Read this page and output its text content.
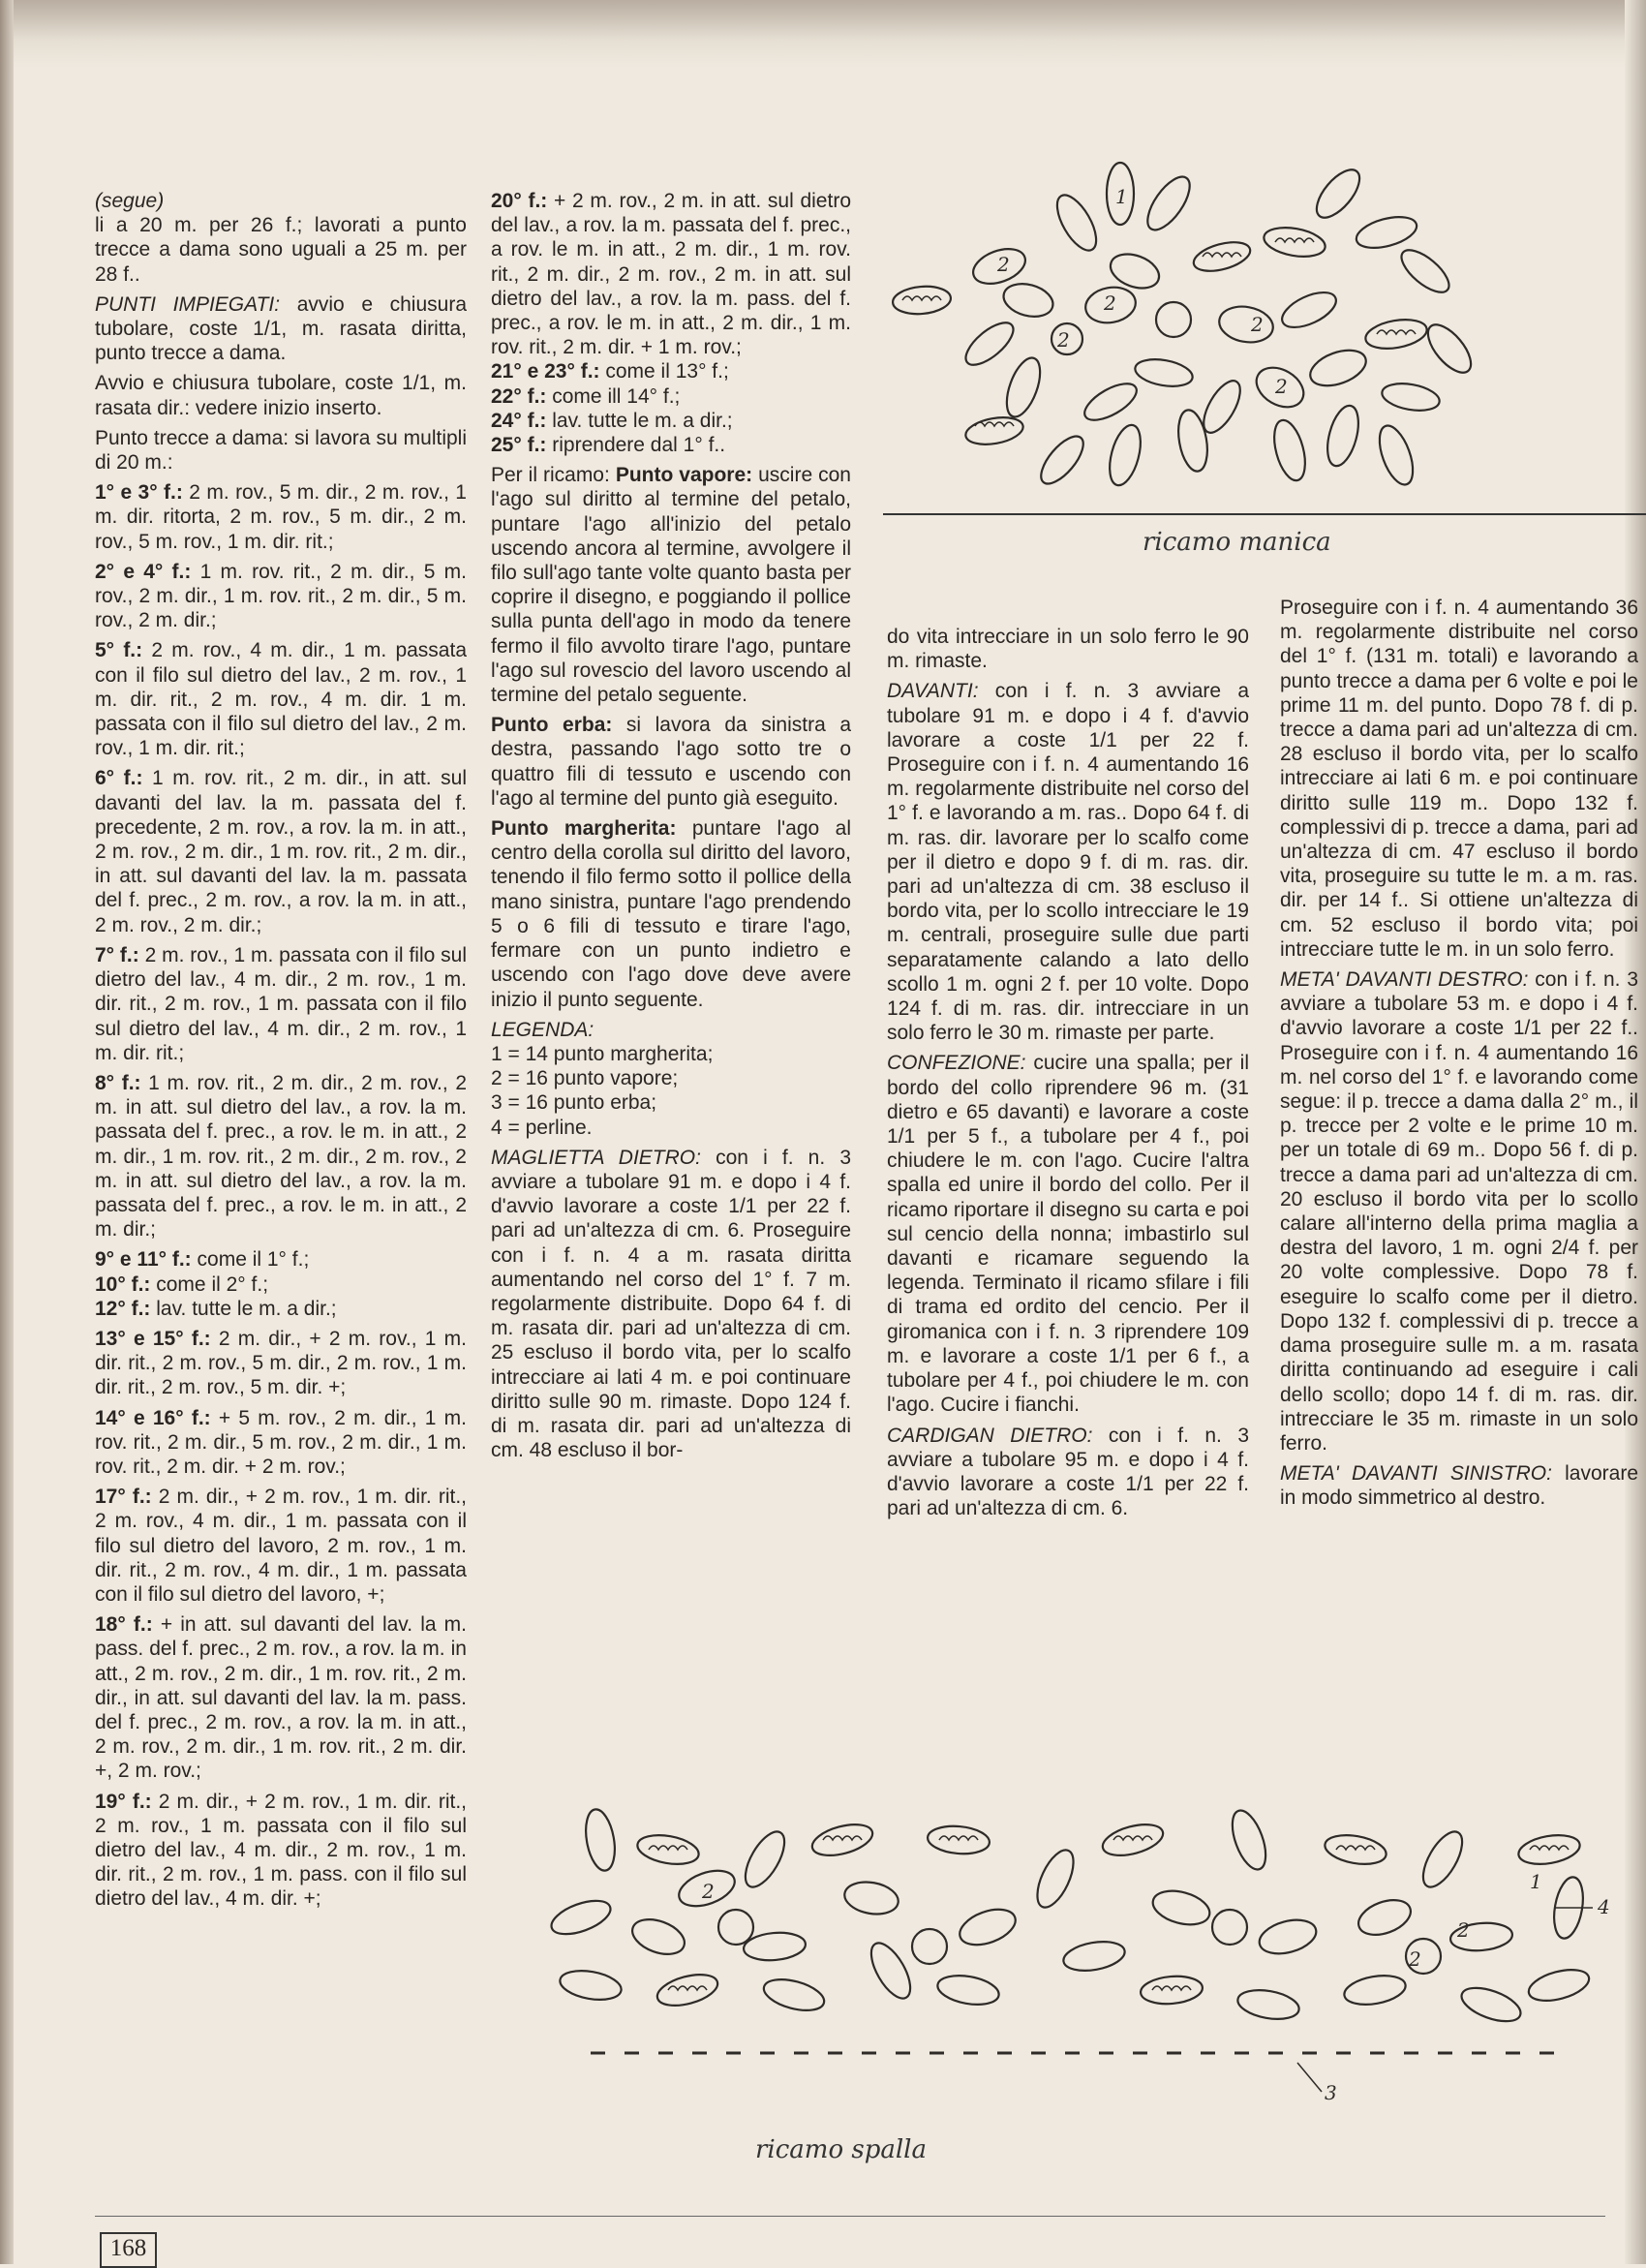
(segue)
li a 20 m. per 26 f.; lavorati a punto trecce a dama sono uguali a 25 m. per 28 f..

PUNTI IMPIEGATI: avvio e chiusura tubolare, coste 1/1, m. rasata diritta, punto trecce a dama.

Avvio e chiusura tubolare, coste 1/1, m. rasata dir.: vedere inizio inserto.

Punto trecce a dama: si lavora su multipli di 20 m.:

1° e 3° f.: 2 m. rov., 5 m. dir., 2 m. rov., 1 m. dir. ritorta, 2 m. rov., 5 m. dir., 2 m. rov., 5 m. rov., 1 m. dir. rit.;

2° e 4° f.: 1 m. rov. rit., 2 m. dir., 5 m. rov., 2 m. dir., 1 m. rov. rit., 2 m. dir., 5 m. rov., 2 m. dir.;

5° f.: 2 m. rov., 4 m. dir., 1 m. passata con il filo sul dietro del lav., 2 m. rov., 1 m. dir. rit., 2 m. rov., 4 m. dir. 1 m. passata con il filo sul dietro del lav., 2 m. rov., 1 m. dir. rit.;

6° f.: 1 m. rov. rit., 2 m. dir., in att. sul davanti del lav. la m. passata del f. precedente, 2 m. rov., a rov. la m. in att., 2 m. rov., 2 m. dir., 1 m. rov. rit., 2 m. dir., in att. sul davanti del lav. la m. passata del f. prec., 2 m. rov., a rov. la m. in att., 2 m. rov., 2 m. dir.;

7° f.: 2 m. rov., 1 m. passata con il filo sul dietro del lav., 4 m. dir., 2 m. rov., 1 m. dir. rit., 2 m. rov., 1 m. passata con il filo sul dietro del lav., 4 m. dir., 2 m. rov., 1 m. dir. rit.;

8° f.: 1 m. rov. rit., 2 m. dir., 2 m. rov., 2 m. in att. sul dietro del lav., a rov. la m. passata del f. prec., a rov. le m. in att., 2 m. dir., 1 m. rov. rit., 2 m. dir., 2 m. rov., 2 m. in att. sul dietro del lav., a rov. la m. passata del f. prec., a rov. le m. in att., 2 m. dir.;

9° e 11° f.: come il 1° f.;
10° f.: come il 2° f.;
12° f.: lav. tutte le m. a dir.;

13° e 15° f.: 2 m. dir., + 2 m. rov., 1 m. dir. rit., 2 m. rov., 5 m. dir., 2 m. rov., 1 m. dir. rit., 2 m. rov., 5 m. dir. +;

14° e 16° f.: + 5 m. rov., 2 m. dir., 1 m. rov. rit., 2 m. dir., 5 m. rov., 2 m. dir., 1 m. rov. rit., 2 m. dir. + 2 m. rov.;

17° f.: 2 m. dir., + 2 m. rov., 1 m. dir. rit., 2 m. rov., 4 m. dir., 1 m. passata con il filo sul dietro del lavoro, 2 m. rov., 1 m. dir. rit., 2 m. rov., 4 m. dir., 1 m. passata con il filo sul dietro del lavoro, +;

18° f.: + in att. sul davanti del lav. la m. pass. del f. prec., 2 m. rov., a rov. la m. in att., 2 m. rov., 2 m. dir., 1 m. rov. rit., 2 m. dir., in att. sul davanti del lav. la m. pass. del f. prec., 2 m. rov., a rov. la m. in att., 2 m. rov., 2 m. dir., 1 m. rov. rit., 2 m. dir. +, 2 m. rov.;

19° f.: 2 m. dir., + 2 m. rov., 1 m. dir. rit., 2 m. rov., 1 m. passata con il filo sul dietro del lav., 4 m. dir., 2 m. rov., 1 m. dir. rit., 2 m. rov., 1 m. pass. con il filo sul dietro del lav., 4 m. dir. +;

20° f.: + 2 m. rov., 2 m. in att. sul dietro del lav., a rov. la m. passata del f. prec., a rov. le m. in att., 2 m. dir., 1 m. rov. rit., 2 m. dir., 2 m. rov., 2 m. in att. sul dietro del lav., a rov. la m. pass. del f. prec., a rov. le m. in att., 2 m. dir., 1 m. rov. rit., 2 m. dir. + 1 m. rov.;
21° e 23° f.: come il 13° f.;
22° f.: come ill 14° f.;
24° f.: lav. tutte le m. a dir.;
25° f.: riprendere dal 1° f..

Per il ricamo: Punto vapore: uscire con l'ago sul diritto al termine del petalo, puntare l'ago all'inizio del petalo uscendo ancora al termine, avvolgere il filo sull'ago tante volte quanto basta per coprire il disegno, e poggiando il pollice sulla punta dell'ago in modo da tenere fermo il filo avvolto tirare l'ago, puntare l'ago sul rovescio del lavoro uscendo al termine del petalo seguente.

Punto erba: si lavora da sinistra a destra, passando l'ago sotto tre o quattro fili di tessuto e uscendo con l'ago al termine del punto già eseguito.

Punto margherita: puntare l'ago al centro della corolla sul diritto del lavoro, tenendo il filo fermo sotto il pollice della mano sinistra, puntare l'ago prendendo 5 o 6 fili di tessuto e tirare l'ago, fermare con un punto indietro e uscendo con l'ago dove deve avere inizio il punto seguente.

LEGENDA:
1 = 14 punto margherita;
2 = 16 punto vapore;
3 = 16 punto erba;
4 = perline.

MAGLIETTA DIETRO: con i f. n. 3 avviare a tubolare 91 m. e dopo i 4 f. d'avvio lavorare a coste 1/1 per 22 f. pari ad un'altezza di cm. 6. Proseguire con i f. n. 4 a m. rasata diritta aumentando nel corso del 1° f. 7 m. regolarmente distribuite. Dopo 64 f. di m. rasata dir. pari ad un'altezza di cm. 25 escluso il bordo vita, per lo scalfo intrecciare ai lati 4 m. e poi continuare diritto sulle 90 m. rimaste. Dopo 124 f. di m. rasata dir. pari ad un'altezza di cm. 48 escluso il bor-

do vita intrecciare in un solo ferro le 90 m. rimaste.

DAVANTI: con i f. n. 3 avviare a tubolare 91 m. e dopo i 4 f. d'avvio lavorare a coste 1/1 per 22 f. Proseguire con i f. n. 4 aumentando 16 m. regolarmente distribuite nel corso del 1° f. e lavorando a m. ras.. Dopo 64 f. di m. ras. dir. lavorare per lo scalfo come per il dietro e dopo 9 f. di m. ras. dir. pari ad un'altezza di cm. 38 escluso il bordo vita, per lo scollo intrecciare le 19 m. centrali, proseguire sulle due parti separatamente calando a lato dello scollo 1 m. ogni 2 f. per 10 volte. Dopo 124 f. di m. ras. dir. intrecciare in un solo ferro le 30 m. rimaste per parte.

CONFEZIONE: cucire una spalla; per il bordo del collo riprendere 96 m. (31 dietro e 65 davanti) e lavorare a coste 1/1 per 5 f., a tubolare per 4 f., poi chiudere le m. con l'ago. Cucire l'altra spalla ed unire il bordo del collo. Per il ricamo riportare il disegno su carta e poi sul cencio della nonna; imbastirlo sul davanti e ricamare seguendo la legenda. Terminato il ricamo sfilare i fili di trama ed ordito del cencio. Per il giromanica con i f. n. 3 riprendere 109 m. e lavorare a coste 1/1 per 6 f., a tubolare per 4 f., poi chiudere le m. con l'ago. Cucire i fianchi.

CARDIGAN DIETRO: con i f. n. 3 avviare a tubolare 95 m. e dopo i 4 f. d'avvio lavorare a coste 1/1 per 22 f. pari ad un'altezza di cm. 6.

Proseguire con i f. n. 4 aumentando 36 m. regolarmente distribuite nel corso del 1° f. (131 m. totali) e lavorando a punto trecce a dama per 6 volte e poi le prime 11 m. del punto. Dopo 78 f. di p. trecce a dama pari ad un'altezza di cm. 28 escluso il bordo vita, per lo scalfo intrecciare ai lati 6 m. e poi continuare diritto sulle 119 m.. Dopo 132 f. complessivi di p. trecce a dama, pari ad un'altezza di cm. 47 escluso il bordo vita, proseguire su tutte le m. a m. ras. dir. per 14 f.. Si ottiene un'altezza di cm. 52 escluso il bordo vita; poi intrecciare tutte le m. in un solo ferro.

META' DAVANTI DESTRO: con i f. n. 3 avviare a tubolare 53 m. e dopo i 4 f. d'avvio lavorare a coste 1/1 per 22 f.. Proseguire con i f. n. 4 aumentando 16 m. nel corso del 1° f. e lavorando come segue: il p. trecce a dama dalla 2° m., il p. trecce per 2 volte e le prime 10 m. per un totale di 69 m.. Dopo 56 f. di p. trecce a dama pari ad un'altezza di cm. 20 escluso il bordo vita per lo scollo calare all'interno della prima maglia a destra del lavoro, 1 m. ogni 2/4 f. per 20 volte complessive. Dopo 78 f. eseguire lo scalfo come per il dietro. Dopo 132 f. complessivi di p. trecce a dama proseguire sulle m. a m. rasata diritta continuando ad eseguire i cali dello scollo; dopo 14 f. di m. ras. dir. intrecciare le 35 m. rimaste in un solo ferro.

META' DAVANTI SINISTRO: lavorare in modo simmetrico al destro.

2
2
1
2
2
2
ricamo manica
4
3
1
2
2
2
ricamo spalla
168
